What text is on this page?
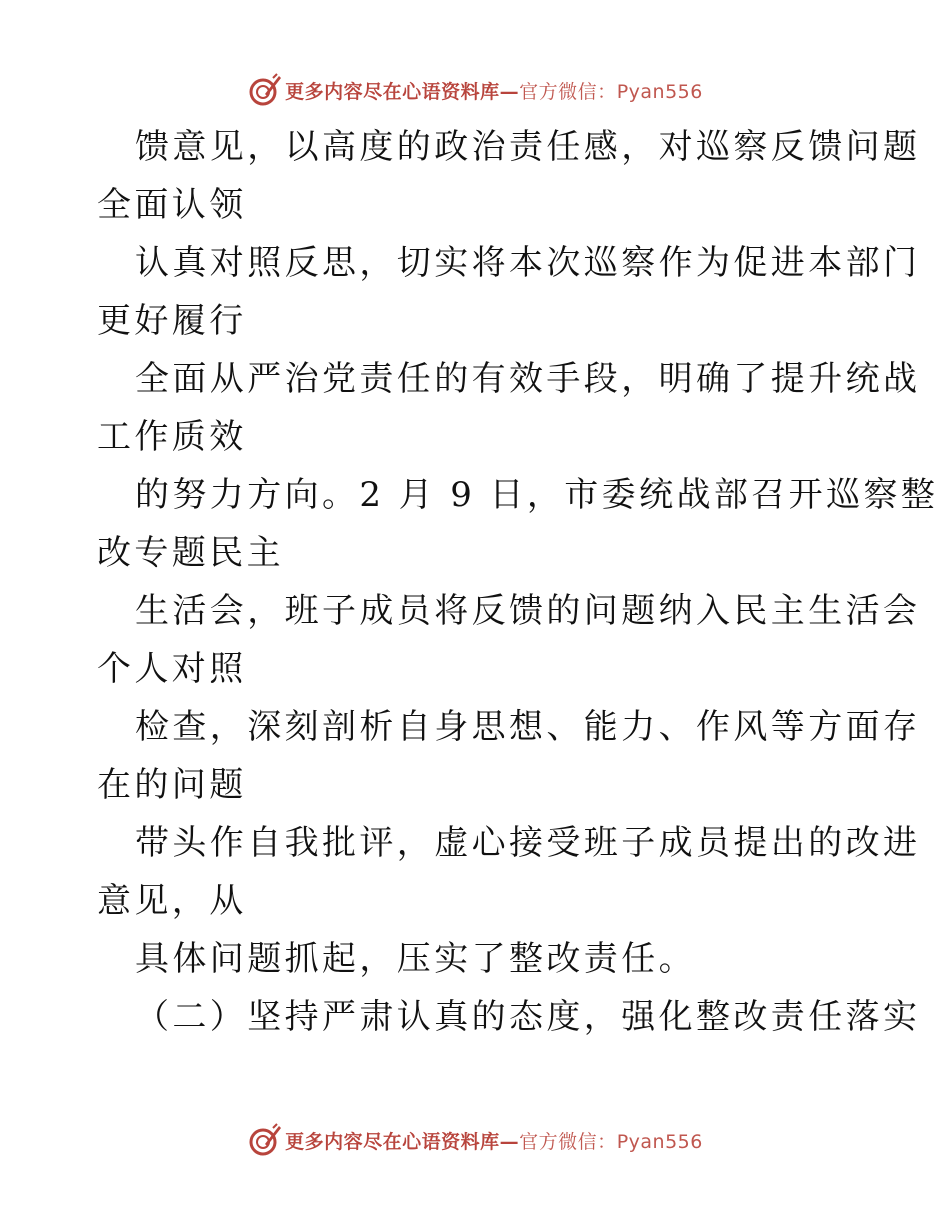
更多内容尽在心语资料库—官方微信：Pyan556
馈意见，以高度的政治责任感，对巡察反馈问题
全面认领
认真对照反思，切实将本次巡察作为促进本部门
更好履行
全面从严治党责任的有效手段，明确了提升统战
工作质效
的努力方向。2 月 9 日，市委统战部召开巡察整
改专题民主
生活会，班子成员将反馈的问题纳入民主生活会
个人对照
检查，深刻剖析自身思想、能力、作风等方面存
在的问题
带头作自我批评，虚心接受班子成员提出的改进
意见，从
具体问题抓起，压实了整改责任。
（二）坚持严肃认真的态度，强化整改责任落实
更多内容尽在心语资料库—官方微信：Pyan556
